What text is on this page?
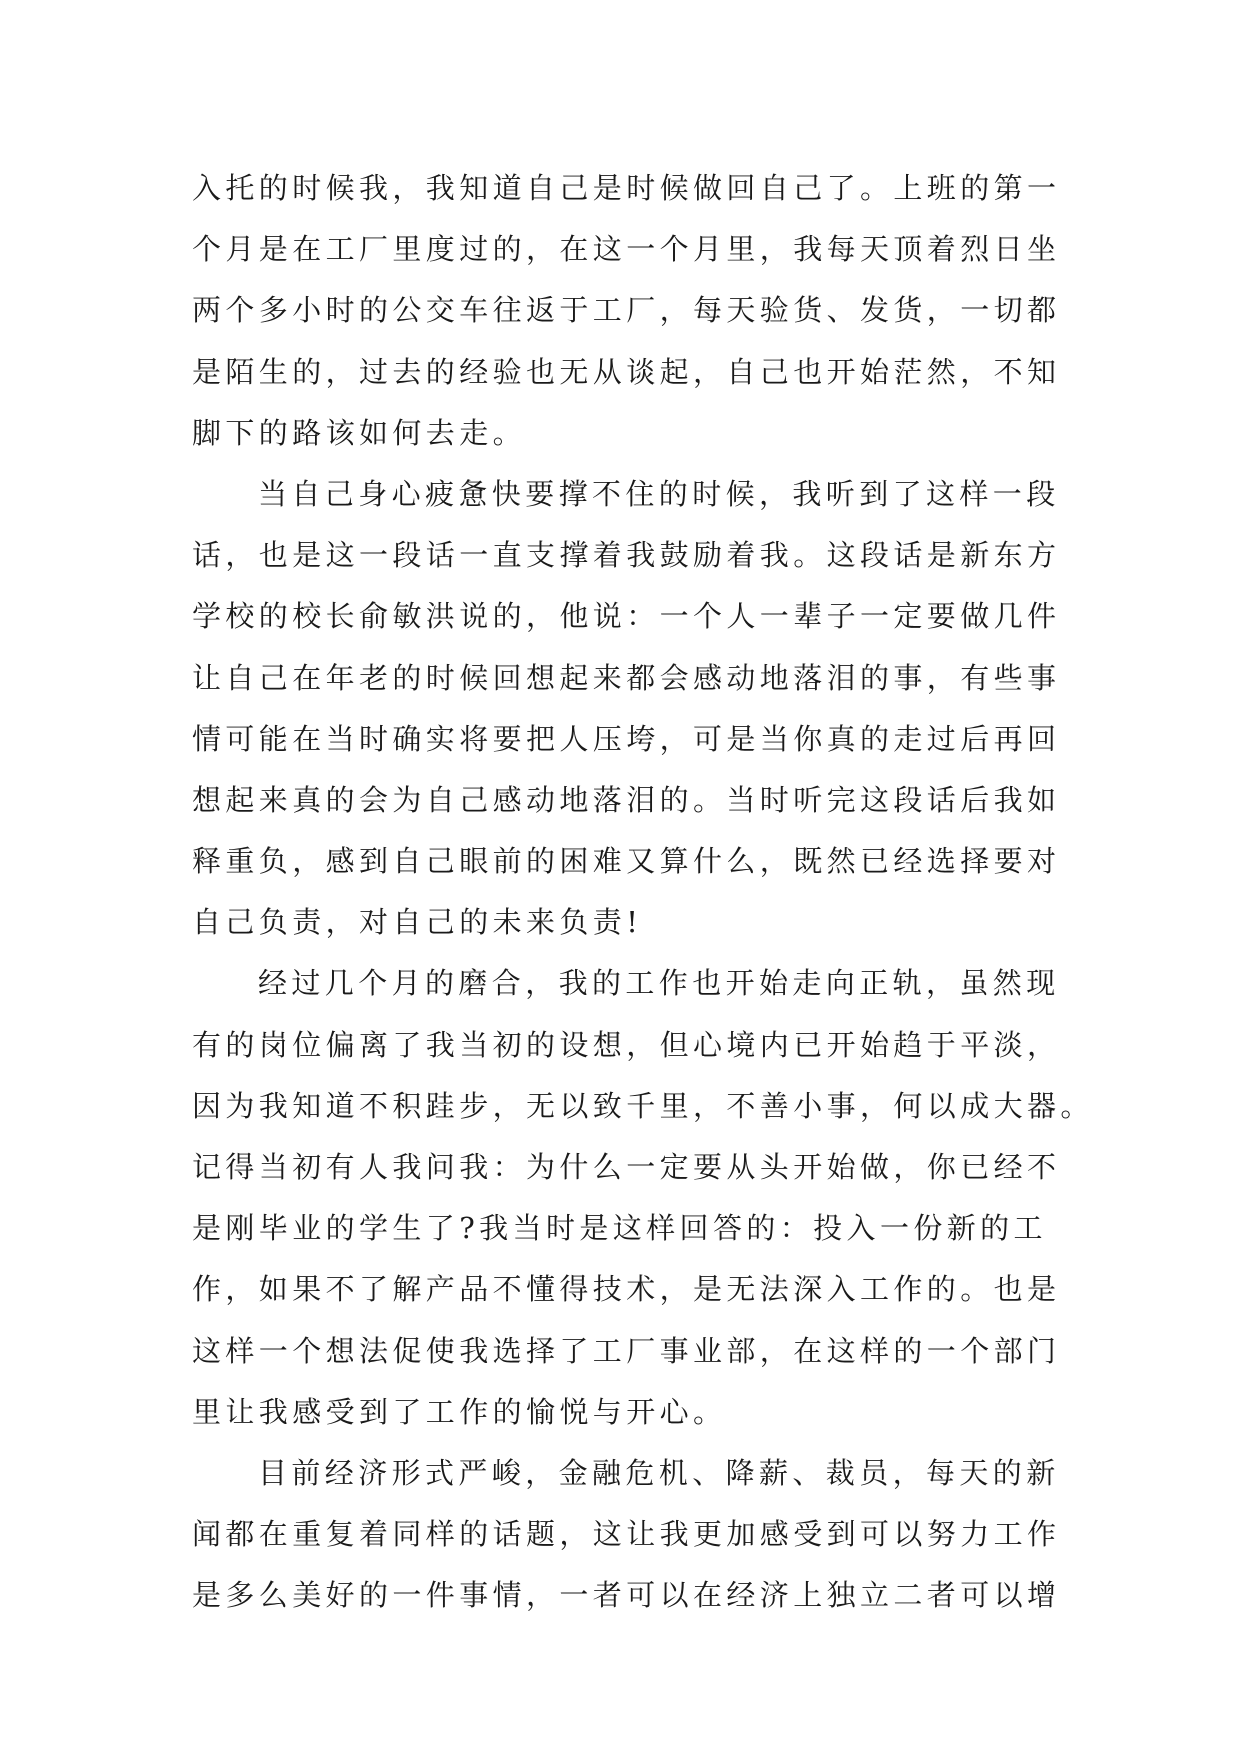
入托的时候我，我知道自己是时候做回自己了。上班的第一
个月是在工厂里度过的，在这一个月里，我每天顶着烈日坐
两个多小时的公交车往返于工厂，每天验货、发货，一切都
是陌生的，过去的经验也无从谈起，自己也开始茫然，不知
脚下的路该如何去走。
当自己身心疲惫快要撑不住的时候，我听到了这样一段
话，也是这一段话一直支撑着我鼓励着我。这段话是新东方
学校的校长俞敏洪说的，他说：一个人一辈子一定要做几件
让自己在年老的时候回想起来都会感动地落泪的事，有些事
情可能在当时确实将要把人压垮，可是当你真的走过后再回
想起来真的会为自己感动地落泪的。当时听完这段话后我如
释重负，感到自己眼前的困难又算什么，既然已经选择要对
自己负责，对自己的未来负责!
经过几个月的磨合，我的工作也开始走向正轨，虽然现
有的岗位偏离了我当初的设想，但心境内已开始趋于平淡，
因为我知道不积跬步，无以致千里，不善小事，何以成大器。
记得当初有人我问我：为什么一定要从头开始做，你已经不
是刚毕业的学生了?我当时是这样回答的：投入一份新的工
作，如果不了解产品不懂得技术，是无法深入工作的。也是
这样一个想法促使我选择了工厂事业部，在这样的一个部门
里让我感受到了工作的愉悦与开心。
目前经济形式严峻，金融危机、降薪、裁员，每天的新
闻都在重复着同样的话题，这让我更加感受到可以努力工作
是多么美好的一件事情，一者可以在经济上独立二者可以增
